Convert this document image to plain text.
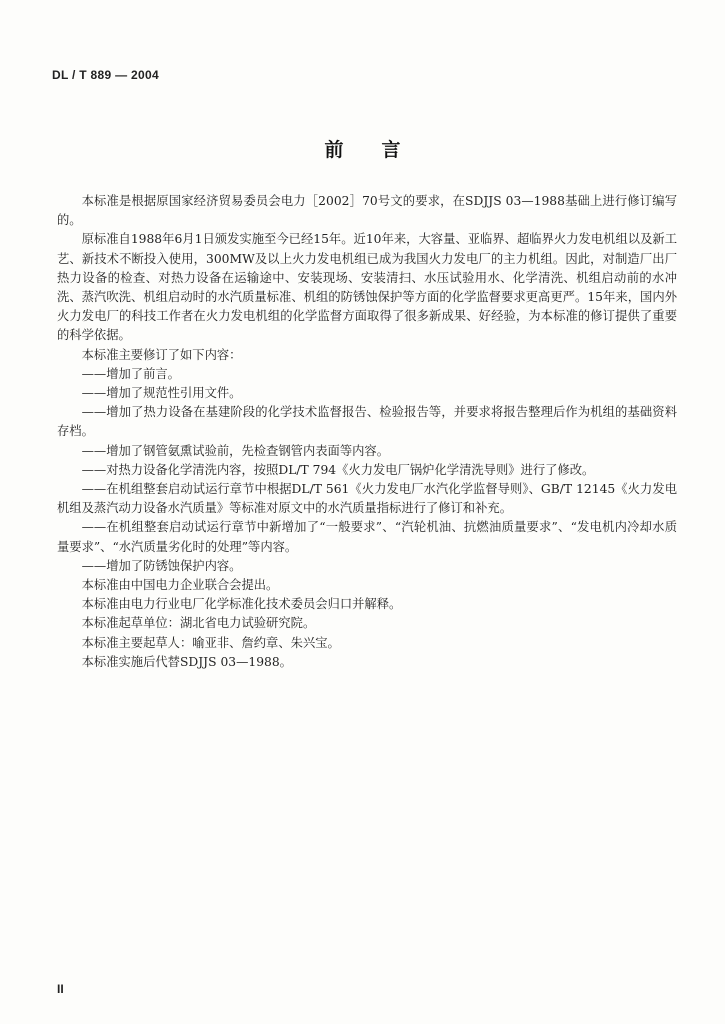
DL / T 889 — 2004
前言

本标准是根据原国家经济贸易委员会电力［2002］70号文的要求，在SDJJS 03—1988基础上进行修订编写的。

原标准自1988年6月1日颁发实施至今已经15年。近10年来，大容量、亚临界、超临界火力发电机组以及新工艺、新技术不断投入使用，300MW及以上火力发电机组已成为我国火力发电厂的主力机组。因此，对制造厂出厂热力设备的检查、对热力设备在运输途中、安装现场、安装清扫、水压试验用水、化学清洗、机组启动前的水冲洗、蒸汽吹洗、机组启动时的水汽质量标准、机组的防锈蚀保护等方面的化学监督要求更高更严。15年来，国内外火力发电厂的科技工作者在火力发电机组的化学监督方面取得了很多新成果、好经验，为本标准的修订提供了重要的科学依据。

本标准主要修订了如下内容：

——增加了前言。

——增加了规范性引用文件。

——增加了热力设备在基建阶段的化学技术监督报告、检验报告等，并要求将报告整理后作为机组的基础资料存档。

——增加了钢管氨熏试验前，先检查钢管内表面等内容。

——对热力设备化学清洗内容，按照DL/T 794《火力发电厂锅炉化学清洗导则》进行了修改。

——在机组整套启动试运行章节中根据DL/T 561《火力发电厂水汽化学监督导则》、GB/T 12145《火力发电机组及蒸汽动力设备水汽质量》等标准对原文中的水汽质量指标进行了修订和补充。

——在机组整套启动试运行章节中新增加了“一般要求”、“汽轮机油、抗燃油质量要求”、“发电机内冷却水质量要求”、“水汽质量劣化时的处理”等内容。

——增加了防锈蚀保护内容。

本标准由中国电力企业联合会提出。

本标准由电力行业电厂化学标准化技术委员会归口并解释。

本标准起草单位：湖北省电力试验研究院。

本标准主要起草人：喻亚非、詹约章、朱兴宝。

本标准实施后代替SDJJS 03—1988。

II
